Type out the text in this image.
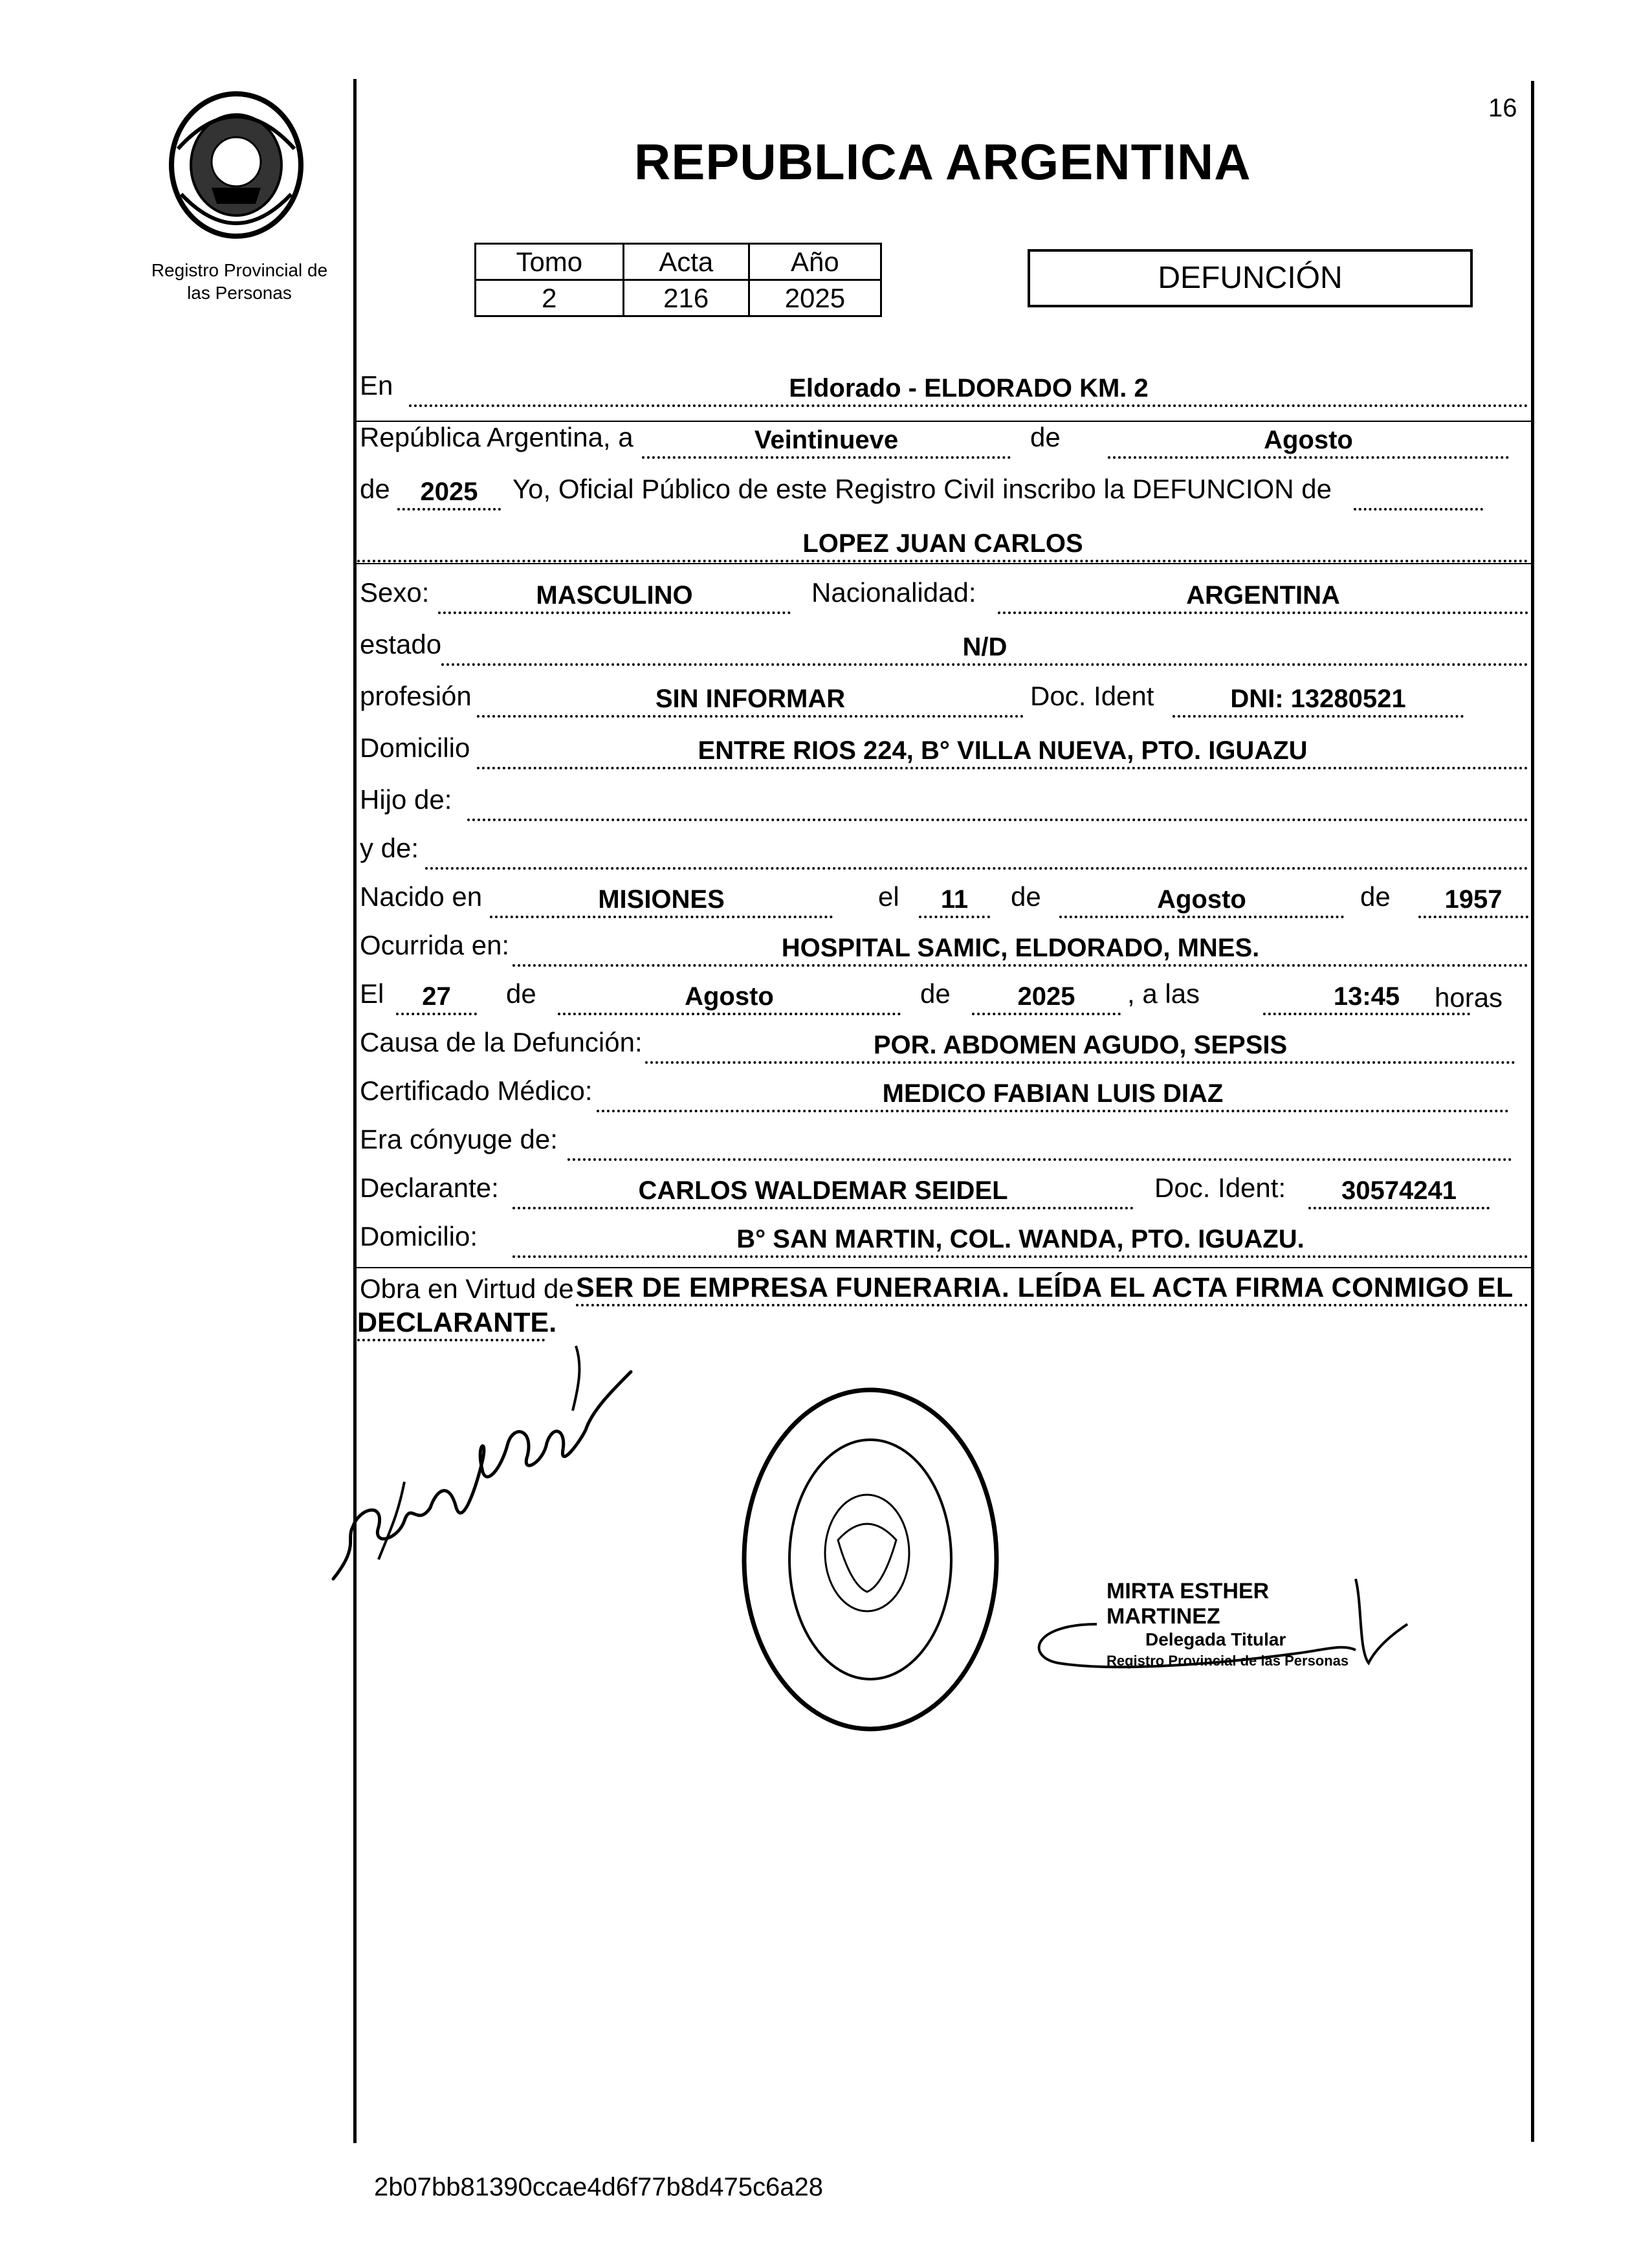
16
Registro Provincial de
las Personas
REPUBLICA ARGENTINA
Tomo	Acta	Año
2	216	2025
DEFUNCIÓN
En	Eldorado - ELDORADO KM. 2
República Argentina, a	Veintinueve	de	Agosto
de	2025	Yo, Oficial Público de este Registro Civil inscribo la DEFUNCION de
LOPEZ JUAN CARLOS
Sexo:	MASCULINO	Nacionalidad:	ARGENTINA
estado	N/D
profesión	SIN INFORMAR	Doc. Ident	DNI: 13280521
Domicilio	ENTRE RIOS 224, B° VILLA NUEVA, PTO. IGUAZU
Hijo de:
y de:
Nacido en	MISIONES	el	11	de	Agosto	de	1957
Ocurrida en:	HOSPITAL SAMIC, ELDORADO, MNES.
El	27	de	Agosto	de	2025	, a las	13:45	horas
Causa de la Defunción:	POR. ABDOMEN AGUDO, SEPSIS
Certificado Médico:	MEDICO FABIAN LUIS DIAZ
Era cónyuge de:
Declarante:	CARLOS WALDEMAR SEIDEL	Doc. Ident:	30574241
Domicilio:	B° SAN MARTIN, COL. WANDA, PTO. IGUAZU.
Obra en Virtud de SER DE EMPRESA FUNERARIA. LEÍDA EL ACTA FIRMA CONMIGO EL
DECLARANTE.
MIRTA ESTHER MARTINEZ
Delegada Titular
Registro Provincial de las Personas
2b07bb81390ccae4d6f77b8d475c6a28
